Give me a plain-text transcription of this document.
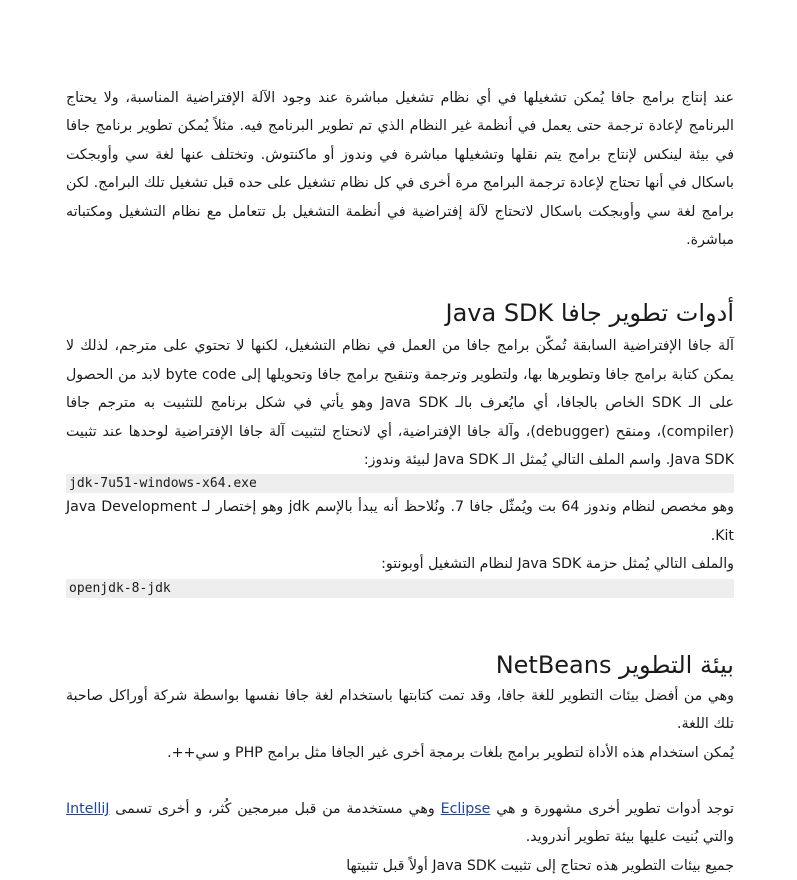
عند إنتاج برامج جافا يُمكن تشغيلها في أي نظام تشغيل مباشرة عند وجود الآلة الإفتراضية المناسبة، ولا يحتاج البرنامج لإعادة ترجمة حتى يعمل في أنظمة غير النظام الذي تم تطوير البرنامج فيه. مثلاً يُمكن تطوير برنامج جافا في بيئة لينكس لإنتاج برامج يتم نقلها وتشغيلها مباشرة في وندوز أو ماكنتوش. وتختلف عنها لغة سي وأوبجكت باسكال في أنها تحتاج لإعادة ترجمة البرامج مرة أخرى في كل نظام تشغيل على حده قبل تشغيل تلك البرامج. لكن برامج لغة سي وأوبجكت باسكال لاتحتاج لآلة إفتراضية في أنظمة التشغيل بل تتعامل مع نظام التشغيل ومكتباته مباشرة.

أدوات تطوير جافا Java SDK

آلة جافا الإفتراضية السابقة تُمكّن برامج جافا من العمل في نظام التشغيل، لكنها لا تحتوي على مترجم، لذلك لا يمكن كتابة برامج جافا وتطويرها بها، ولتطوير وترجمة وتنقيح برامج جافا وتحويلها إلى byte code لابد من الحصول على الـ SDK الخاص بالجافا، أي مايُعرف بالـ Java SDK وهو يأتي في شكل برنامج للتثبيت به مترجم جافا (compiler)، ومنقح (debugger)، وآلة جافا الإفتراضية، أي لانحتاج لتثبيت آلة جافا الإفتراضية لوحدها عند تثبيت Java SDK. واسم الملف التالي يُمثل الـ Java SDK لبيئة وندوز:

jdk-7u51-windows-x64.exe

وهو مخصص لنظام وندوز 64 بت ويُمثّل جافا 7. ونُلاحظ أنه يبدأ بالإسم jdk وهو إختصار لـ Java Development Kit.

والملف التالي يُمثل حزمة Java SDK لنظام التشغيل أوبونتو:

openjdk-8-jdk
بيئة التطوير NetBeans

وهي من أفضل بيئات التطوير للغة جافا، وقد تمت كتابتها باستخدام لغة جافا نفسها بواسطة شركة أوراكل صاحبة تلك اللغة.

يُمكن استخدام هذه الأداة لتطوير برامج بلغات برمجة أخرى غير الجافا مثل برامج PHP و سي++.

توجد أدوات تطوير أخرى مشهورة و هي Eclipse وهي مستخدمة من قبل مبرمجين كُثر، و أخرى تسمى IntelliJ والتي بُنيت عليها بيئة تطوير أندرويد.

جميع بيئات التطوير هذه تحتاج إلى تثبيت Java SDK أولاً قبل تثبيتها
